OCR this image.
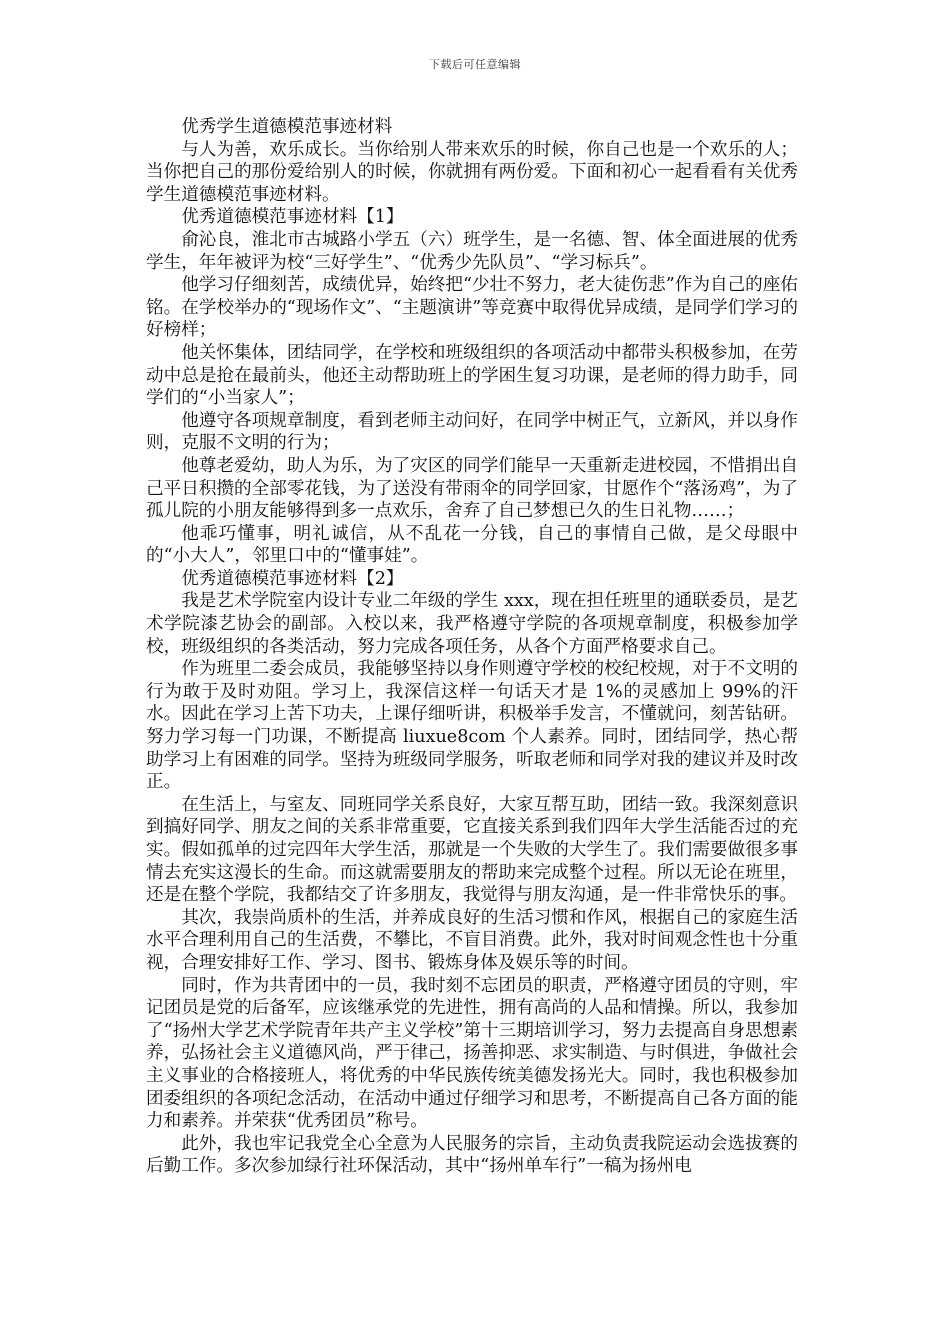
下载后可任意编辑

优秀学生道德模范事迹材料

与人为善，欢乐成长。当你给别人带来欢乐的时候，你自己也是一个欢乐的人；当你把自己的那份爱给别人的时候，你就拥有两份爱。下面和初心一起看看有关优秀学生道德模范事迹材料。

优秀道德模范事迹材料【1】

俞沁良，淮北市古城路小学五（六）班学生，是一名德、智、体全面进展的优秀学生，年年被评为校“三好学生”、“优秀少先队员”、“学习标兵”。

他学习仔细刻苦，成绩优异，始终把“少壮不努力，老大徒伤悲”作为自己的座佑铭。在学校举办的“现场作文”、“主题演讲”等竞赛中取得优异成绩，是同学们学习的好榜样；

他关怀集体，团结同学，在学校和班级组织的各项活动中都带头积极参加，在劳动中总是抢在最前头，他还主动帮助班上的学困生复习功课，是老师的得力助手，同学们的“小当家人”；

他遵守各项规章制度，看到老师主动问好，在同学中树正气，立新风，并以身作则，克服不文明的行为；

他尊老爱幼，助人为乐，为了灾区的同学们能早一天重新走进校园，不惜捐出自己平日积攒的全部零花钱，为了送没有带雨伞的同学回家，甘愿作个“落汤鸡”，为了孤儿院的小朋友能够得到多一点欢乐，舍弃了自己梦想已久的生日礼物……；

他乖巧懂事，明礼诚信，从不乱花一分钱，自己的事情自己做，是父母眼中的“小大人”，邻里口中的“懂事娃”。

优秀道德模范事迹材料【2】

我是艺术学院室内设计专业二年级的学生 xxx，现在担任班里的通联委员，是艺术学院漆艺协会的副部。入校以来，我严格遵守学院的各项规章制度，积极参加学校，班级组织的各类活动，努力完成各项任务，从各个方面严格要求自己。

作为班里二委会成员，我能够坚持以身作则遵守学校的校纪校规，对于不文明的行为敢于及时劝阻。学习上，我深信这样一句话天才是 1%的灵感加上 99%的汗水。因此在学习上苦下功夫，上课仔细听讲，积极举手发言，不懂就问，刻苦钻研。努力学习每一门功课，不断提高 liuxue8com 个人素养。同时，团结同学，热心帮助学习上有困难的同学。坚持为班级同学服务，听取老师和同学对我的建议并及时改正。

在生活上，与室友、同班同学关系良好，大家互帮互助，团结一致。我深刻意识到搞好同学、朋友之间的关系非常重要，它直接关系到我们四年大学生活能否过的充实。假如孤单的过完四年大学生活，那就是一个失败的大学生了。我们需要做很多事情去充实这漫长的生命。而这就需要朋友的帮助来完成整个过程。所以无论在班里，还是在整个学院，我都结交了许多朋友，我觉得与朋友沟通，是一件非常快乐的事。

其次，我崇尚质朴的生活，并养成良好的生活习惯和作风，根据自己的家庭生活水平合理利用自己的生活费，不攀比，不盲目消费。此外，我对时间观念性也十分重视，合理安排好工作、学习、图书、锻炼身体及娱乐等的时间。

同时，作为共青团中的一员，我时刻不忘团员的职责，严格遵守团员的守则，牢记团员是党的后备军，应该继承党的先进性，拥有高尚的人品和情操。所以，我参加了“扬州大学艺术学院青年共产主义学校”第十三期培训学习，努力去提高自身思想素养，弘扬社会主义道德风尚，严于律己，扬善抑恶、求实制造、与时俱进，争做社会主义事业的合格接班人，将优秀的中华民族传统美德发扬光大。同时，我也积极参加团委组织的各项纪念活动，在活动中通过仔细学习和思考，不断提高自己各方面的能力和素养。并荣获“优秀团员”称号。

此外，我也牢记我党全心全意为人民服务的宗旨，主动负责我院运动会选拔赛的后勤工作。多次参加绿行社环保活动，其中“扬州单车行”一稿为扬州电
